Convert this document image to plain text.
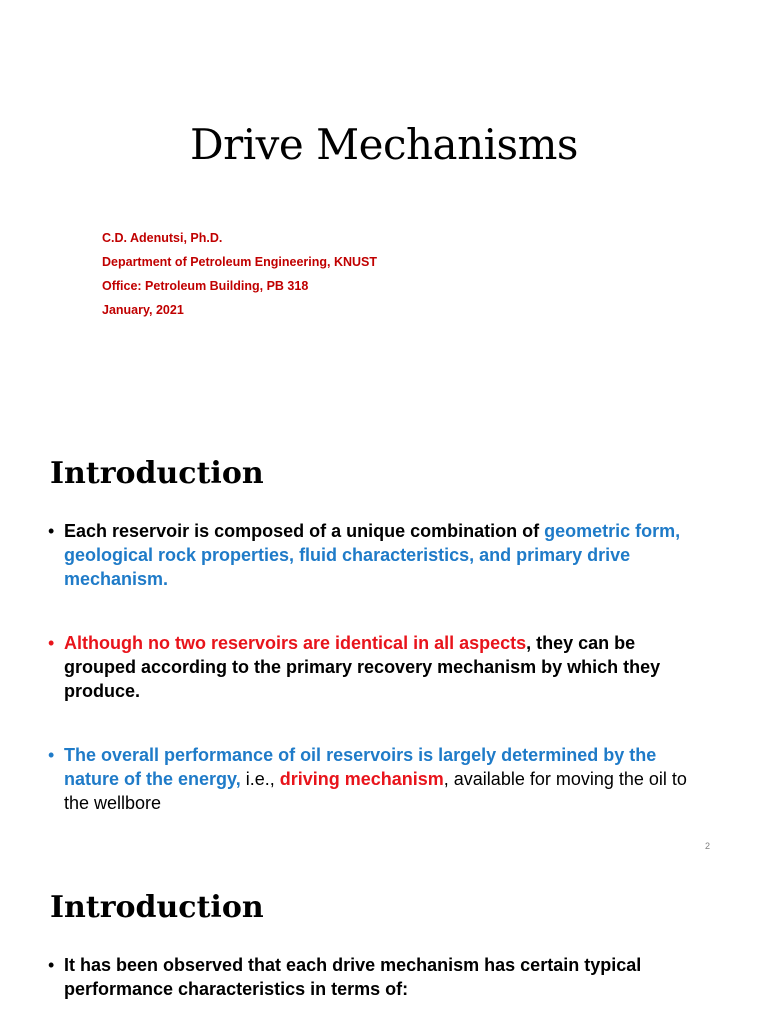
Drive Mechanisms
C.D. Adenutsi, Ph.D.
Department of Petroleum Engineering, KNUST
Office: Petroleum Building, PB 318
January, 2021
Introduction
• Each reservoir is composed of a unique combination of geometric form, geological rock properties, fluid characteristics, and primary drive mechanism.
• Although no two reservoirs are identical in all aspects, they can be grouped according to the primary recovery mechanism by which they produce.
• The overall performance of oil reservoirs is largely determined by the nature of the energy, i.e., driving mechanism, available for moving the oil to the wellbore
2
Introduction
• It has been observed that each drive mechanism has certain typical performance characteristics in terms of:
